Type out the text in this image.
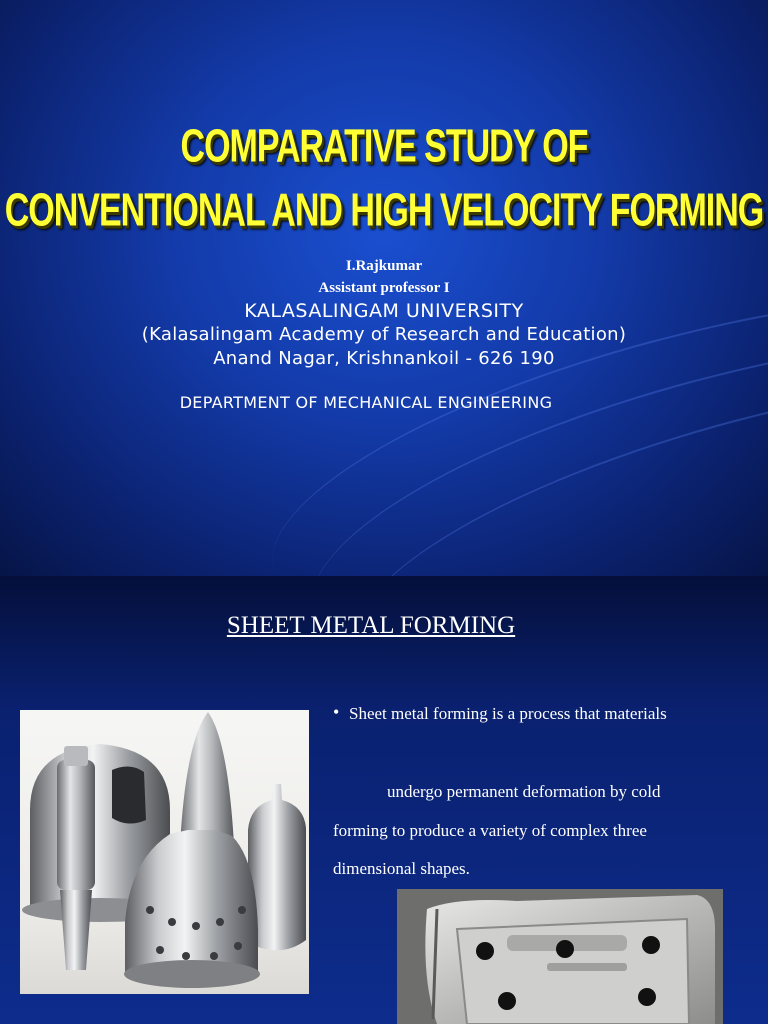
COMPARATIVE STUDY OF
CONVENTIONAL AND HIGH VELOCITY FORMING
I.Rajkumar
Assistant professor I
KALASALINGAM UNIVERSITY
(Kalasalingam Academy of Research and Education)
Anand Nagar, Krishnankoil - 626 190
DEPARTMENT OF MECHANICAL ENGINEERING
SHEET METAL FORMING
• Sheet metal forming is a process that materials
undergo permanent deformation by cold
forming to produce a variety of complex three
dimensional shapes.
